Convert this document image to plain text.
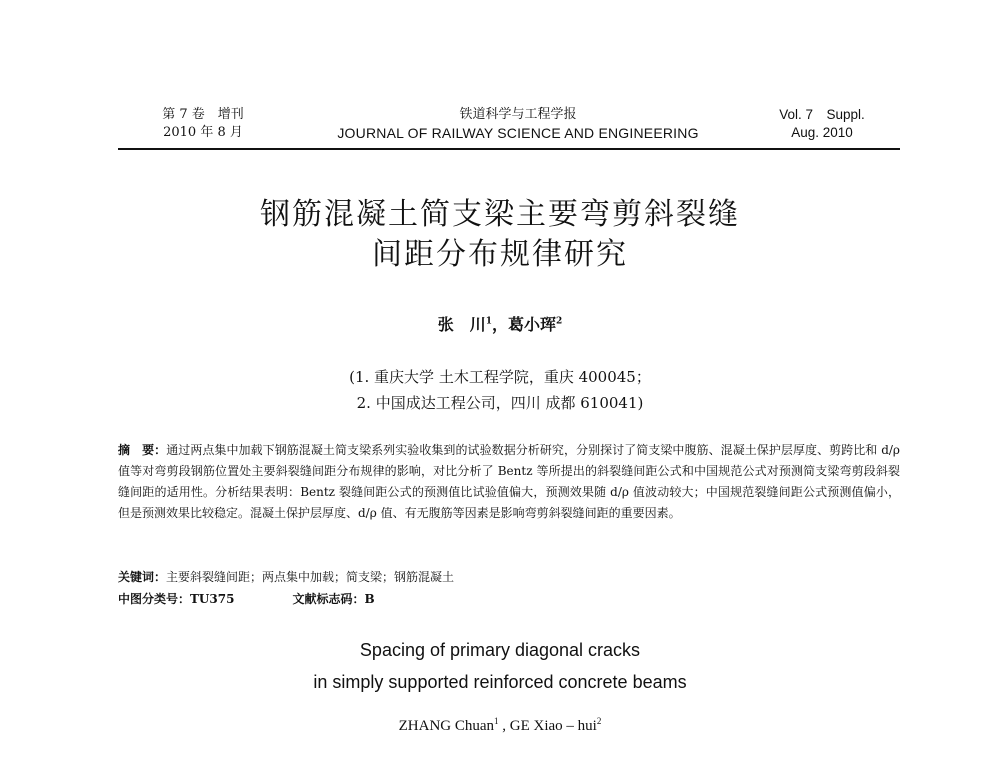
第 7 卷　增刊
2010 年 8 月
铁道科学与工程学报
JOURNAL OF RAILWAY SCIENCE AND ENGINEERING
Vol. 7　Suppl.
Aug. 2010
钢筋混凝土简支梁主要弯剪斜裂缝
间距分布规律研究
张　川$^1$，葛小珲$^2$
(1. 重庆大学 土木工程学院，重庆 400045；
2. 中国成达工程公司，四川 成都 610041)
摘　要：通过两点集中加载下钢筋混凝土简支梁系列实验收集到的试验数据分析研究，分别探讨了简支梁中腹筋、混凝土保护层厚度、剪跨比和 d/ρ 值等对弯剪段钢筋位置处主要斜裂缝间距分布规律的影响，对比分析了 Bentz 等所提出的斜裂缝间距公式和中国规范公式对预测简支梁弯剪段斜裂缝间距的适用性。分析结果表明：Bentz 裂缝间距公式的预测值比试验值偏大，预测效果随 d/ρ 值波动较大；中国规范裂缝间距公式预测值偏小，但是预测效果比较稳定。混凝土保护层厚度、d/ρ 值、有无腹筋等因素是影响弯剪斜裂缝间距的重要因素。
关键词：主要斜裂缝间距；两点集中加载；简支梁；钢筋混凝土
中图分类号：TU375	文献标志码：B
Spacing of primary diagonal cracks
in simply supported reinforced concrete beams
ZHANG Chuan$^1$ , GE Xiao – hui$^2$
